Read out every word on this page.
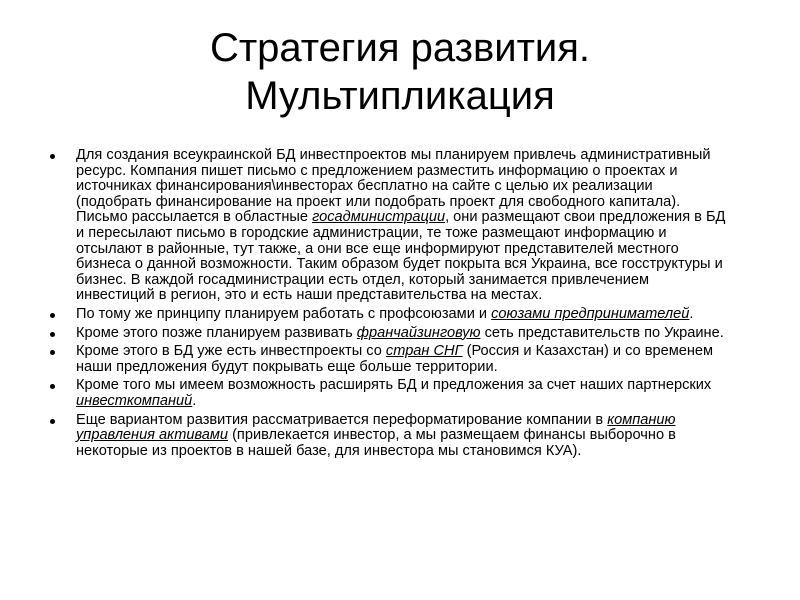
Стратегия развития.
Мультипликация
Для создания всеукраинской БД инвестпроектов мы планируем привлечь административный ресурс. Компания пишет письмо с предложением разместить информацию о проектах и источниках финансирования\инвесторах бесплатно на сайте с целью их реализации (подобрать финансирование на проект или подобрать проект для свободного капитала). Письмо рассылается в областные госадминистрации, они размещают свои предложения в БД и пересылают письмо в городские администрации, те тоже размещают информацию и отсылают в районные, тут также, а они все еще информируют представителей местного бизнеса о данной возможности. Таким образом будет покрыта вся Украина, все госструктуры и бизнес. В каждой госадминистрации есть отдел, который занимается привлечением инвестиций в регион, это и есть наши представительства на местах.
По тому же принципу планируем работать с профсоюзами и союзами предпринимателей.
Кроме этого позже планируем развивать франчайзинговую сеть представительств по Украине.
Кроме этого в БД уже есть инвестпроекты со стран СНГ (Россия и Казахстан) и со временем наши предложения будут покрывать еще больше территории.
Кроме того мы имеем возможность расширять БД и предложения за счет наших партнерских инвесткомпаний.
Еще вариантом развития рассматривается переформатирование компании в компанию управления активами (привлекается инвестор, а мы размещаем финансы выборочно в некоторые из проектов в нашей базе, для инвестора мы становимся КУА).
